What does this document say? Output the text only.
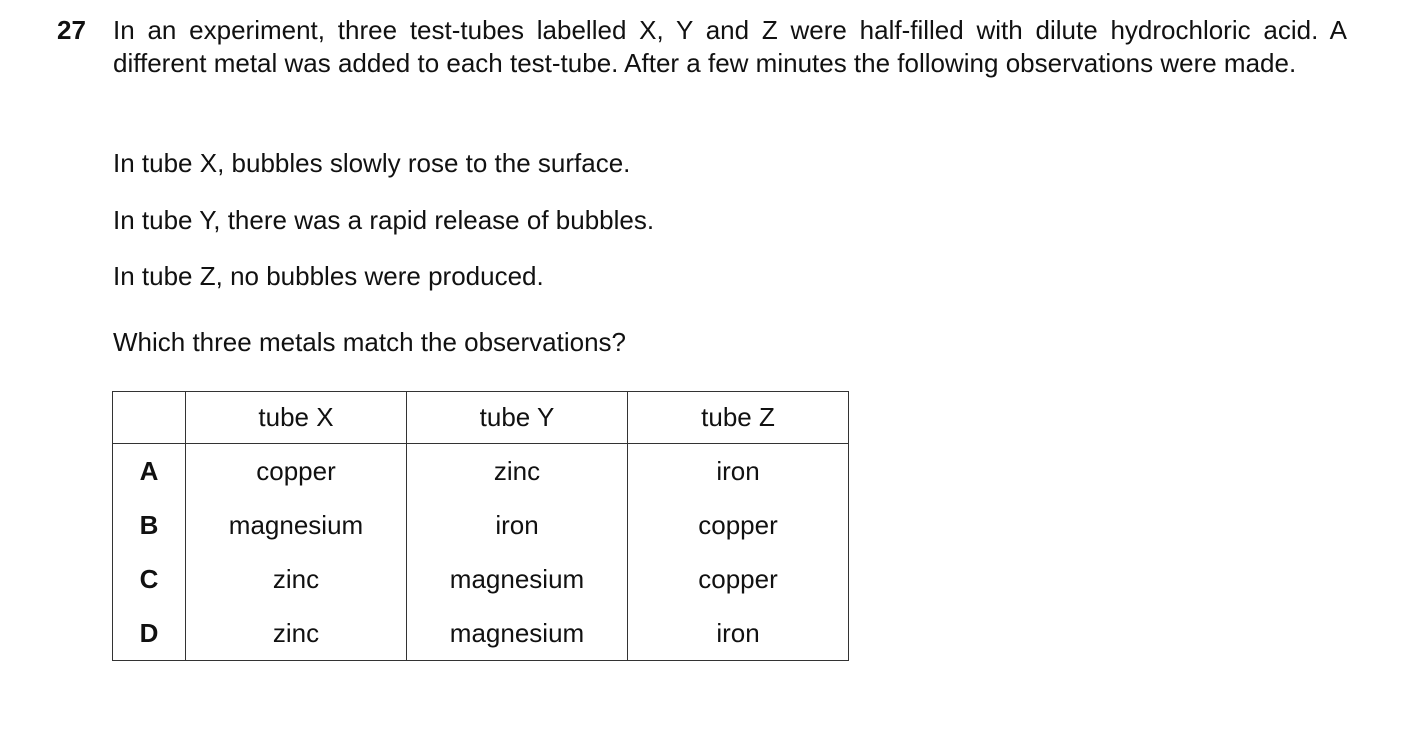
27 In an experiment, three test-tubes labelled X, Y and Z were half-filled with dilute hydrochloric acid. A different metal was added to each test-tube. After a few minutes the following observations were made.
In tube X, bubbles slowly rose to the surface.
In tube Y, there was a rapid release of bubbles.
In tube Z, no bubbles were produced.
Which three metals match the observations?
	tube X	tube Y	tube Z
A	copper	zinc	iron
B	magnesium	iron	copper
C	zinc	magnesium	copper
D	zinc	magnesium	iron
